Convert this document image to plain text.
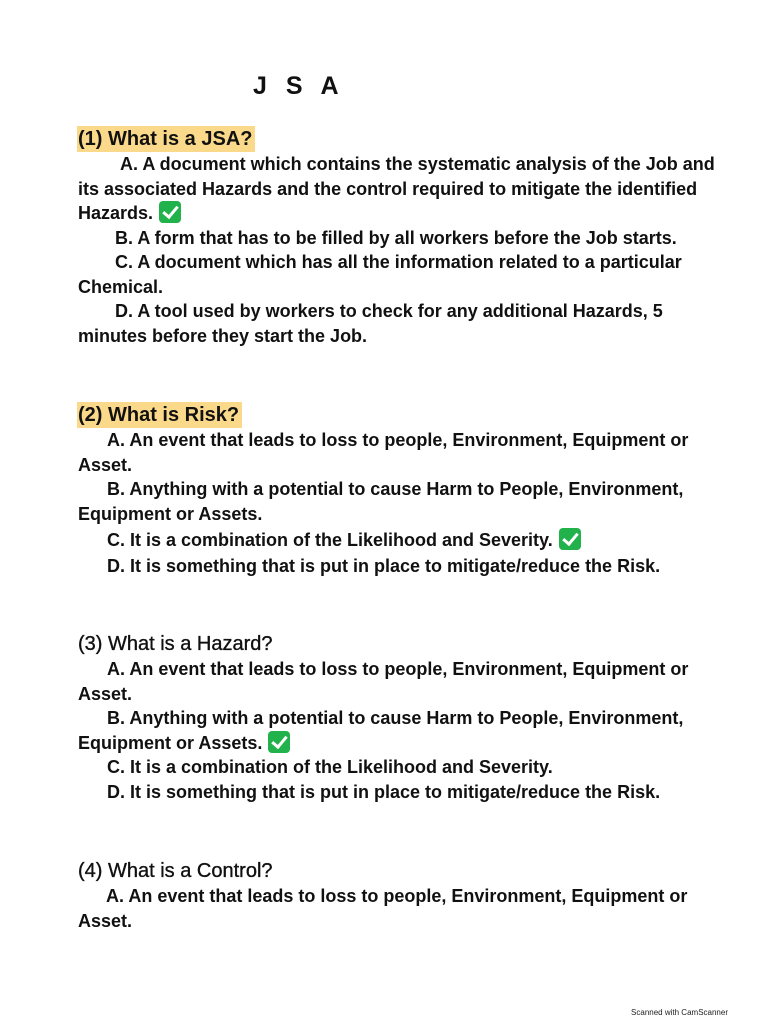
J S A
(1) What is a JSA?

A. A document which contains the systematic analysis of the Job and its associated Hazards and the control required to mitigate the identified Hazards.

B. A form that has to be filled by all workers before the Job starts.

C. A document which has all the information related to a particular Chemical.

D. A tool used by workers to check for any additional Hazards, 5 minutes before they start the Job.

(2) What is Risk?

A. An event that leads to loss to people, Environment, Equipment or Asset.

B. Anything with a potential to cause Harm to People, Environment, Equipment or Assets.

C. It is a combination of the Likelihood and Severity.

D. It is something that is put in place to mitigate/reduce the Risk.

(3) What is a Hazard?

A. An event that leads to loss to people, Environment, Equipment or Asset.

B. Anything with a potential to cause Harm to People, Environment, Equipment or Assets.

C. It is a combination of the Likelihood and Severity.

D. It is something that is put in place to mitigate/reduce the Risk.

(4) What is a Control?

A. An event that leads to loss to people, Environment, Equipment or Asset.

Scanned with CamScanner
